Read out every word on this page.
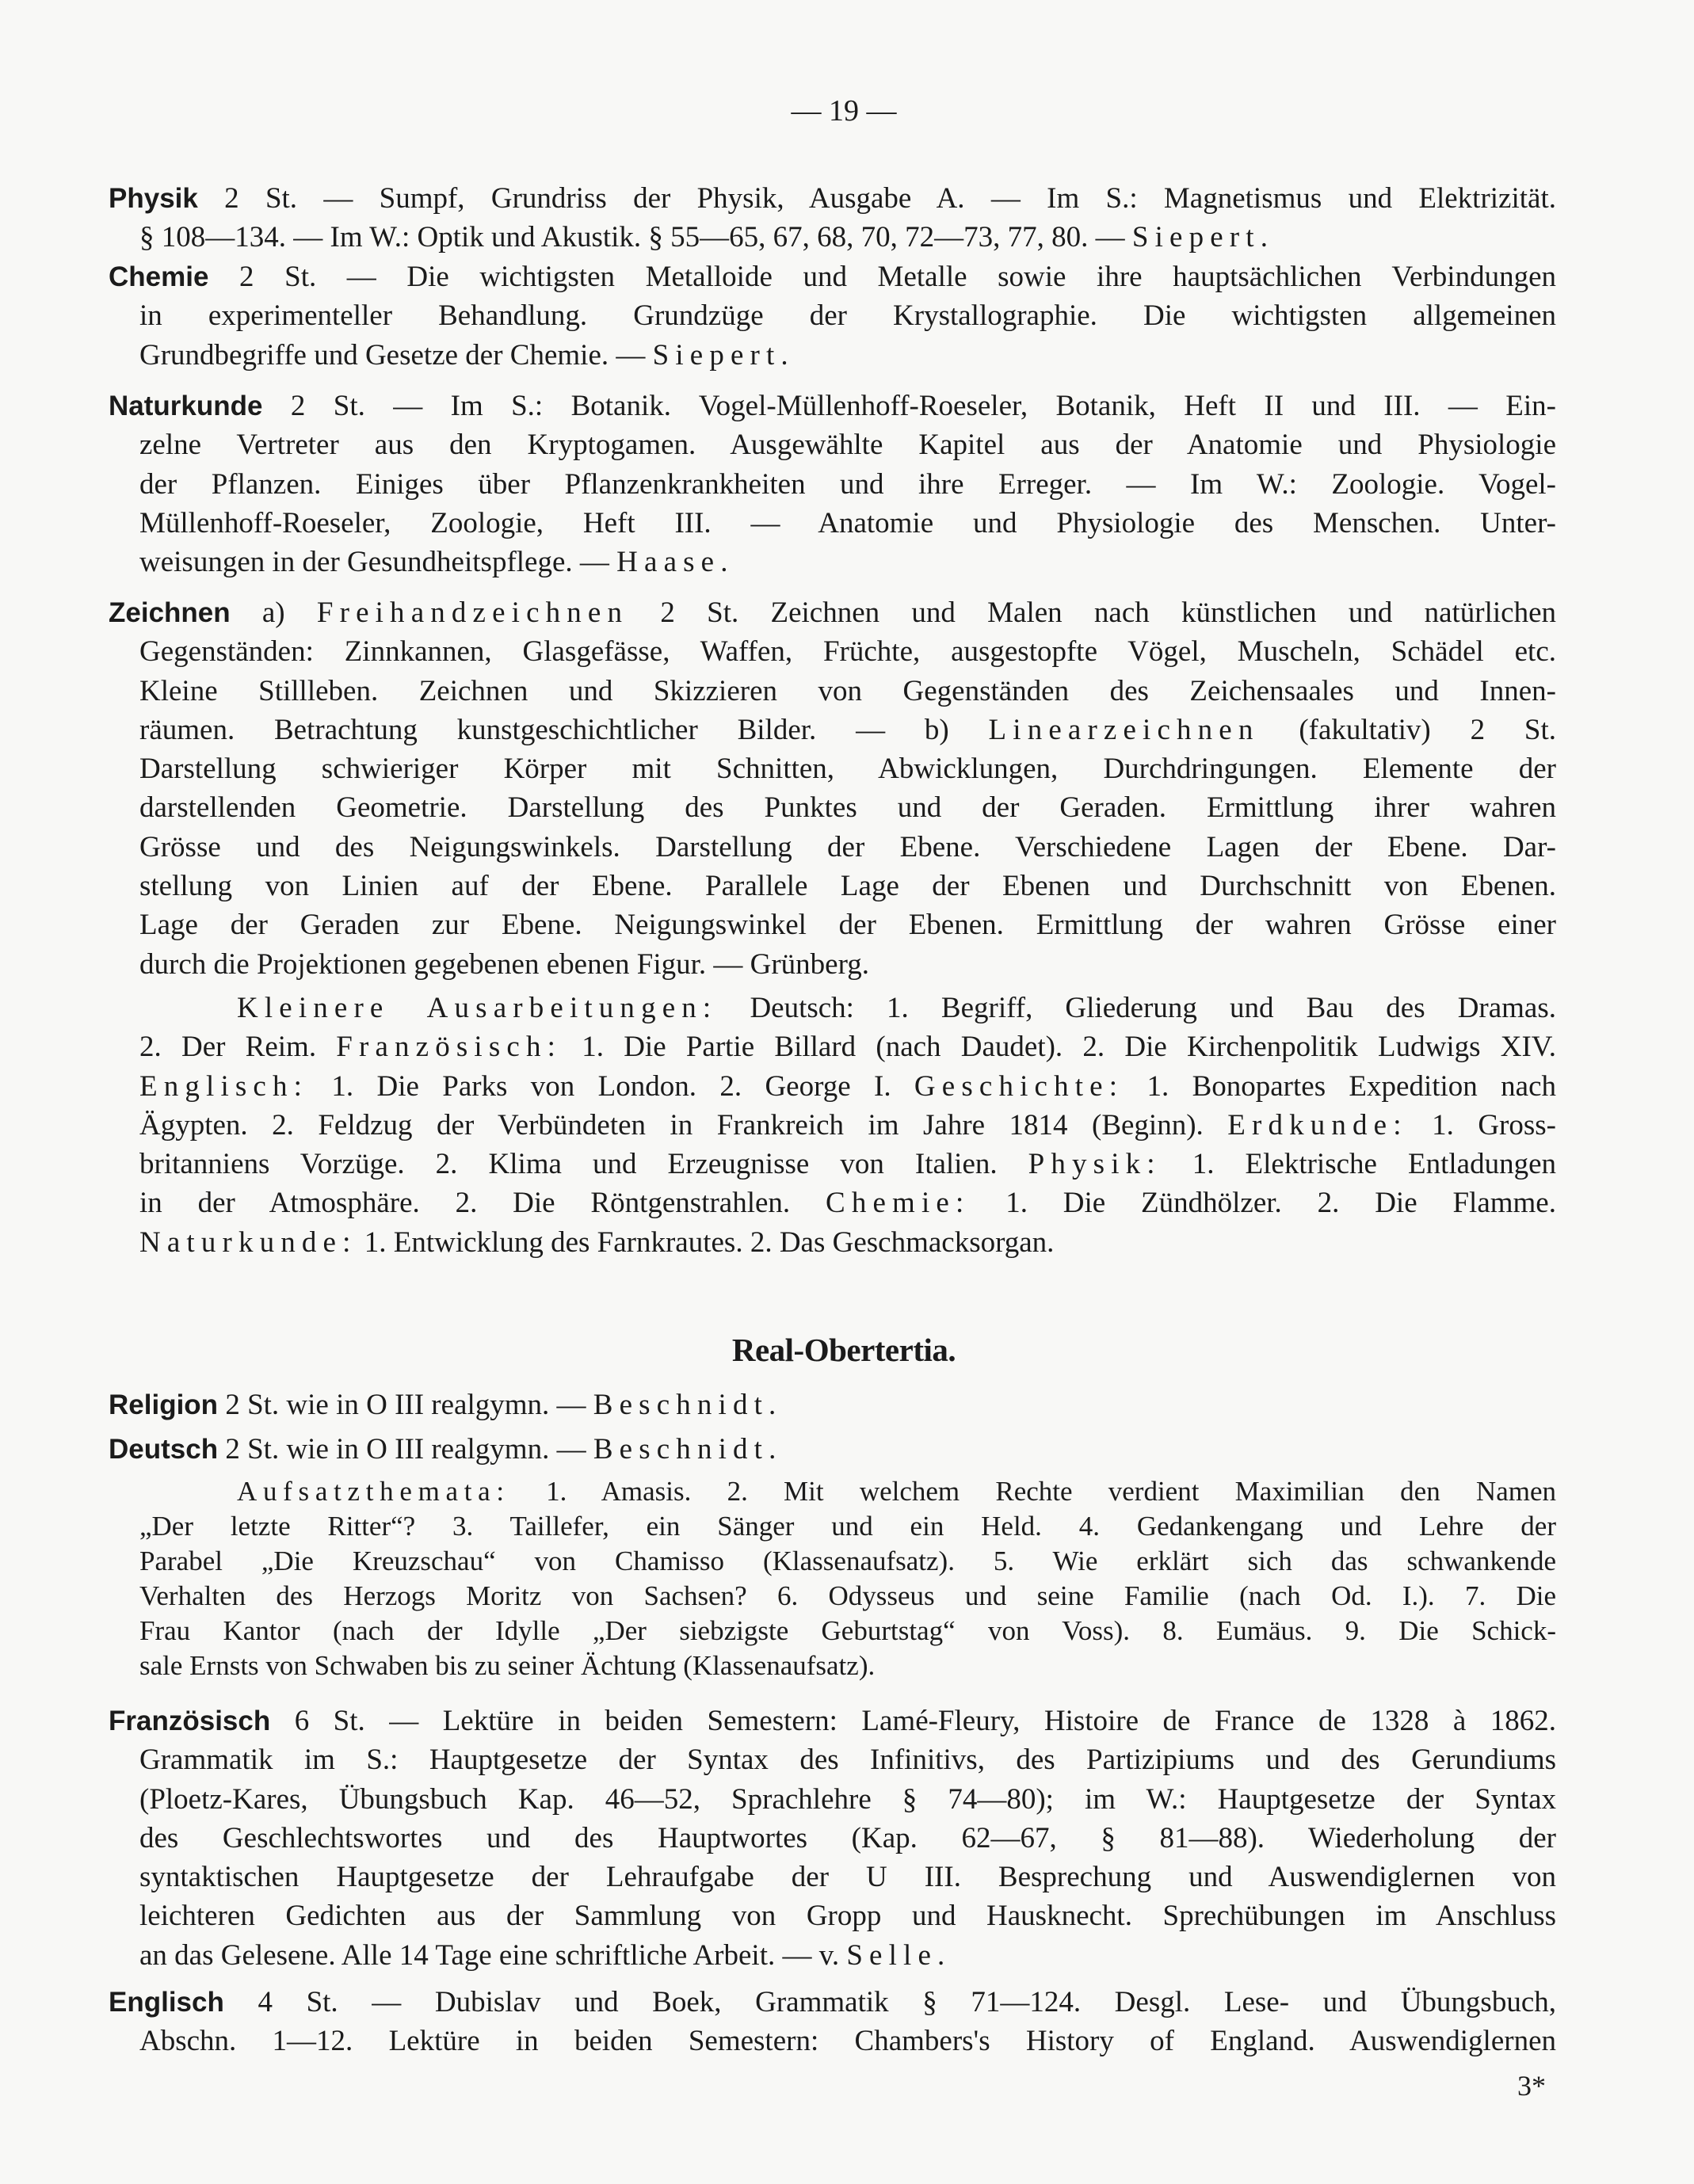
— 19 —
Physik 2 St. — Sumpf, Grundriss der Physik, Ausgabe A. — Im S.: Magnetismus und Elektrizität.
§ 108—134. — Im W.: Optik und Akustik. § 55—65, 67, 68, 70, 72—73, 77, 80. — Siepert.
Chemie 2 St. — Die wichtigsten Metalloide und Metalle sowie ihre hauptsächlichen Verbindungen
in experimenteller Behandlung. Grundzüge der Krystallographie. Die wichtigsten allgemeinen
Grundbegriffe und Gesetze der Chemie. — Siepert.
Naturkunde 2 St. — Im S.: Botanik. Vogel-Müllenhoff-Roeseler, Botanik, Heft II und III. — Ein-
zelne Vertreter aus den Kryptogamen. Ausgewählte Kapitel aus der Anatomie und Physiologie
der Pflanzen. Einiges über Pflanzenkrankheiten und ihre Erreger. — Im W.: Zoologie. Vogel-
Müllenhoff-Roeseler, Zoologie, Heft III. — Anatomie und Physiologie des Menschen. Unter-
weisungen in der Gesundheitspflege. — Haase.
Zeichnen a) Freihandzeichnen 2 St. Zeichnen und Malen nach künstlichen und natürlichen
Gegenständen: Zinnkannen, Glasgefässe, Waffen, Früchte, ausgestopfte Vögel, Muscheln, Schädel etc.
Kleine Stillleben. Zeichnen und Skizzieren von Gegenständen des Zeichensaales und Innen-
räumen. Betrachtung kunstgeschichtlicher Bilder. — b) Linearzeichnen (fakultativ) 2 St.
Darstellung schwieriger Körper mit Schnitten, Abwicklungen, Durchdringungen. Elemente der
darstellenden Geometrie. Darstellung des Punktes und der Geraden. Ermittlung ihrer wahren
Grösse und des Neigungswinkels. Darstellung der Ebene. Verschiedene Lagen der Ebene. Dar-
stellung von Linien auf der Ebene. Parallele Lage der Ebenen und Durchschnitt von Ebenen.
Lage der Geraden zur Ebene. Neigungswinkel der Ebenen. Ermittlung der wahren Grösse einer
durch die Projektionen gegebenen ebenen Figur. — Grünberg.
Kleinere Ausarbeitungen: Deutsch: 1. Begriff, Gliederung und Bau des Dramas.
2. Der Reim. Französisch: 1. Die Partie Billard (nach Daudet). 2. Die Kirchenpolitik Ludwigs XIV.
Englisch: 1. Die Parks von London. 2. George I. Geschichte: 1. Bonopartes Expedition nach
Ägypten. 2. Feldzug der Verbündeten in Frankreich im Jahre 1814 (Beginn). Erdkunde: 1. Gross-
britanniens Vorzüge. 2. Klima und Erzeugnisse von Italien. Physik: 1. Elektrische Entladungen
in der Atmosphäre. 2. Die Röntgenstrahlen. Chemie: 1. Die Zündhölzer. 2. Die Flamme.
Naturkunde: 1. Entwicklung des Farnkrautes. 2. Das Geschmacksorgan.
Religion 2 St. wie in O III realgymn. — Beschnidt.
Deutsch 2 St. wie in O III realgymn. — Beschnidt.
Aufsatzthemata: 1. Amasis. 2. Mit welchem Rechte verdient Maximilian den Namen
„Der letzte Ritter“? 3. Taillefer, ein Sänger und ein Held. 4. Gedankengang und Lehre der
Parabel „Die Kreuzschau“ von Chamisso (Klassenaufsatz). 5. Wie erklärt sich das schwankende
Verhalten des Herzogs Moritz von Sachsen? 6. Odysseus und seine Familie (nach Od. I.). 7. Die
Frau Kantor (nach der Idylle „Der siebzigste Geburtstag“ von Voss). 8. Eumäus. 9. Die Schick-
sale Ernsts von Schwaben bis zu seiner Ächtung (Klassenaufsatz).
Französisch 6 St. — Lektüre in beiden Semestern: Lamé-Fleury, Histoire de France de 1328 à 1862.
Grammatik im S.: Hauptgesetze der Syntax des Infinitivs, des Partizipiums und des Gerundiums
(Ploetz-Kares, Übungsbuch Kap. 46—52, Sprachlehre § 74—80); im W.: Hauptgesetze der Syntax
des Geschlechtswortes und des Hauptwortes (Kap. 62—67, § 81—88). Wiederholung der
syntaktischen Hauptgesetze der Lehraufgabe der U III. Besprechung und Auswendiglernen von
leichteren Gedichten aus der Sammlung von Gropp und Hausknecht. Sprechübungen im Anschluss
an das Gelesene. Alle 14 Tage eine schriftliche Arbeit. — v. Selle.
Englisch 4 St. — Dubislav und Boek, Grammatik § 71—124. Desgl. Lese- und Übungsbuch,
Abschn. 1—12. Lektüre in beiden Semestern: Chambers's History of England. Auswendiglernen
Real-Obertertia.
3*
